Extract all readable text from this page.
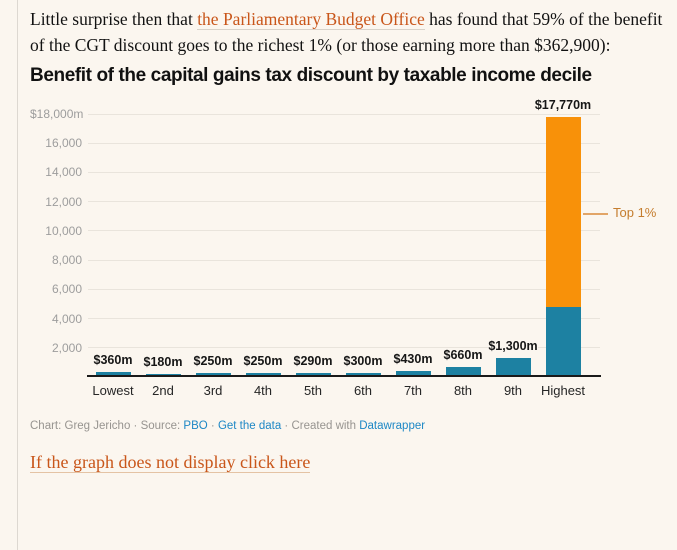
Little surprise then that the Parliamentary Budget Office has found that 59% of the benefit of the CGT discount goes to the richest 1% (or those earning more than $362,900):

Benefit of the capital gains tax discount by taxable income decile
$18,000m
16,000
14,000
12,000
10,000
8,000
6,000
4,000
2,000
$360m
Lowest
$180m
2nd
$250m
3rd
$250m
4th
$290m
5th
$300m
6th
$430m
7th
$660m
8th
$1,300m
9th
$17,770m
Highest
Top 1%
Chart: Greg Jericho · Source: PBO · Get the data · Created with Datawrapper

If the graph does not display click here
